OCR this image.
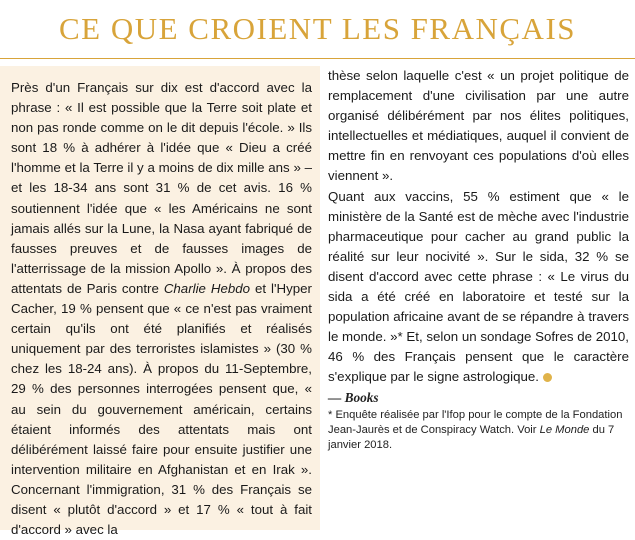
CE QUE CROIENT LES FRANÇAIS

Près d'un Français sur dix est d'accord avec la phrase : « Il est possible que la Terre soit plate et non pas ronde comme on le dit depuis l'école. » Ils sont 18 % à adhérer à l'idée que « Dieu a créé l'homme et la Terre il y a moins de dix mille ans » – et les 18-34 ans sont 31 % de cet avis. 16 % soutiennent l'idée que « les Américains ne sont jamais allés sur la Lune, la Nasa ayant fabriqué de fausses preuves et de fausses images de l'atterrissage de la mission Apollo ». À propos des attentats de Paris contre Charlie Hebdo et l'Hyper Cacher, 19 % pensent que « ce n'est pas vraiment certain qu'ils ont été planifiés et réalisés uniquement par des terroristes islamistes » (30 % chez les 18-24 ans). À propos du 11-Septembre, 29 % des personnes interrogées pensent que, « au sein du gouvernement américain, certains étaient informés des attentats mais ont délibérément laissé faire pour ensuite justifier une intervention militaire en Afghanistan et en Irak ». Concernant l'immigration, 31 % des Français se disent « plutôt d'accord » et 17 % « tout à fait d'accord » avec la

thèse selon laquelle c'est « un projet politique de remplacement d'une civilisation par une autre organisé délibérément par nos élites politiques, intellectuelles et médiatiques, auquel il convient de mettre fin en renvoyant ces populations d'où elles viennent ».

Quant aux vaccins, 55 % estiment que « le ministère de la Santé est de mèche avec l'industrie pharmaceutique pour cacher au grand public la réalité sur leur nocivité ». Sur le sida, 32 % se disent d'accord avec cette phrase : « Le virus du sida a été créé en laboratoire et testé sur la population africaine avant de se répandre à travers le monde. »* Et, selon un sondage Sofres de 2010, 46 % des Français pensent que le caractère s'explique par le signe astrologique.

— Books

* Enquête réalisée par l'Ifop pour le compte de la Fondation Jean-Jaurès et de Conspiracy Watch. Voir Le Monde du 7 janvier 2018.
